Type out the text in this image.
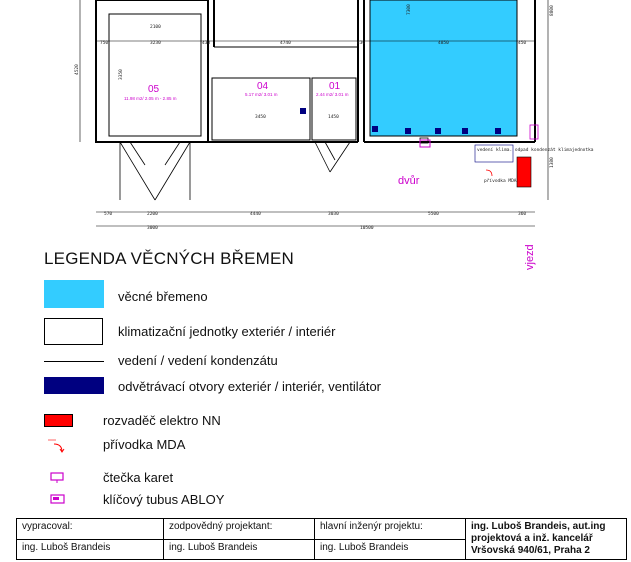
vedení klima. odpad kondenzát klimajednotka
přívodka MDA
750	3230	430	4740	430	4850	450
570	2200	4440	3030	5500	360
3000	10500
4520
8800
1380
2100
3350
3450	1450
7300
05
11.98 m2/ 2.05 m - 2.85 m
04
5.17 m2/ 3.01 m
01
2.44 m2/ 3.01 m
dvůr
vjezd
LEGENDA VĚCNÝCH BŘEMEN
věcné břemeno
klimatizační jednotky exteriér / interiér
vedení / vedení kondenzátu
odvětrávací otvory exteriér / interiér, ventilátor
rozvaděč elektro NN
přívodka MDA
čtečka karet
klíčový tubus ABLOY
vypracoval:	zodpovědný projektant:	hlavní inženýr projektu:	ing. Luboš Brandeis, aut.ing
projektová a inž. kancelář
Vršovská 940/61, Praha 2

ing. Luboš Brandeis	ing. Luboš Brandeis	ing. Luboš Brandeis	
